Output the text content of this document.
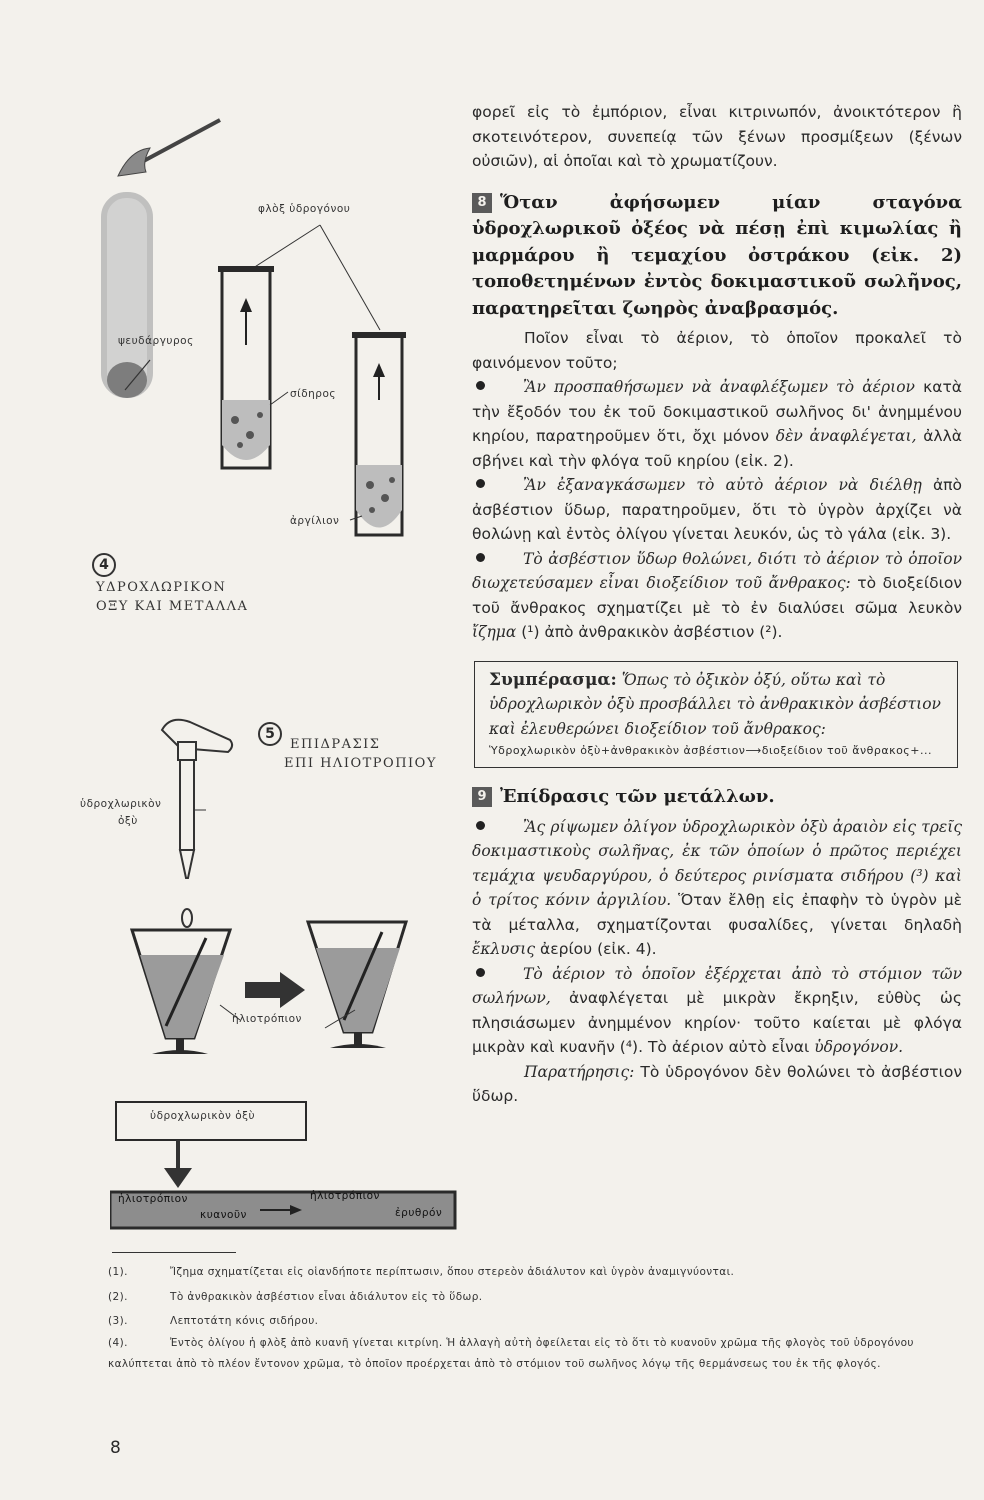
φλὸξ ὑδρογόνου
ψευδάργυρος
σίδηρος
ἀργίλιον
4
ΥΔΡΟΧΛΩΡΙΚΟΝ
ΟΞΥ ΚΑΙ ΜΕΤΑΛΛΑ
5
ΕΠΙΔΡΑΣΙΣ
ΕΠΙ ΗΛΙΟΤΡΟΠΙΟΥ
ὑδροχλωρικὸν
ὀξὺ
ἡλιοτρόπιον
ὑδροχλωρικὸν ὀξὺ
ἡλιοτρόπιον
κυανοῦν
ἡλιοτρόπιον
ἐρυθρόν

φορεῖ εἰς τὸ ἐμπόριον, εἶναι κιτρινωπόν, ἀνοικτότερον ἢ σκοτεινότερον, συνεπείᾳ τῶν ξένων προσμίξεων (ξένων οὐσιῶν), αἱ ὁποῖαι καὶ τὸ χρωματίζουν.

8 Ὅταν ἀφήσωμεν μίαν σταγόνα ὑδροχλωρικοῦ ὀξέος νὰ πέσῃ ἐπὶ κιμωλίας ἢ μαρμάρου ἢ τεμαχίου ὀστράκου (εἰκ. 2) τοποθετημένων ἐντὸς δοκιμαστικοῦ σωλῆνος, παρατηρεῖται ζωηρὸς ἀναβρασμός.

Ποῖον εἶναι τὸ ἀέριον, τὸ ὁποῖον προκαλεῖ τὸ φαινόμενον τοῦτο;

Ἂν προσπαθήσωμεν νὰ ἀναφλέξωμεν τὸ ἀέριον κατὰ τὴν ἔξοδόν του ἐκ τοῦ δοκιμαστικοῦ σωλῆνος δι' ἀνημμένου κηρίου, παρατηροῦμεν ὅτι, ὄχι μόνον δὲν ἀναφλέγεται, ἀλλὰ σβήνει καὶ τὴν φλόγα τοῦ κηρίου (εἰκ. 2).

Ἂν ἐξαναγκάσωμεν τὸ αὐτὸ ἀέριον νὰ διέλθῃ ἀπὸ ἀσβέστιον ὕδωρ, παρατηροῦμεν, ὅτι τὸ ὑγρὸν ἀρχίζει νὰ θολώνῃ καὶ ἐντὸς ὀλίγου γίνεται λευκόν, ὡς τὸ γάλα (εἰκ. 3).

Τὸ ἀσβέστιον ὕδωρ θολώνει, διότι τὸ ἀέριον τὸ ὁποῖον διωχετεύσαμεν εἶναι διοξείδιον τοῦ ἄνθρακος: τὸ διοξείδιον τοῦ ἄνθρακος σχηματίζει μὲ τὸ ἐν διαλύσει σῶμα λευκὸν ἴζημα (¹) ἀπὸ ἀνθρακικὸν ἀσβέστιον (²).

Συμπέρασμα: Ὅπως τὸ ὀξικὸν ὀξύ, οὕτω καὶ τὸ ὑδροχλωρικὸν ὀξὺ προσβάλλει τὸ ἀνθρακικὸν ἀσβέστιον καὶ ἐλευθερώνει διοξείδιον τοῦ ἄνθρακος:
Ὑδροχλωρικὸν ὀξὺ+ἀνθρακικὸν ἀσβέστιον⟶διοξείδιον τοῦ ἄνθρακος+...

9 Ἐπίδρασις τῶν μετάλλων.

Ἂς ρίψωμεν ὀλίγον ὑδροχλωρικὸν ὀξὺ ἀραιὸν εἰς τρεῖς δοκιμαστικοὺς σωλῆνας, ἐκ τῶν ὁποίων ὁ πρῶτος περιέχει τεμάχια ψευδαργύρου, ὁ δεύτερος ρινίσματα σιδήρου (³) καὶ ὁ τρίτος κόνιν ἀργιλίου. Ὅταν ἔλθῃ εἰς ἐπαφὴν τὸ ὑγρὸν μὲ τὰ μέταλλα, σχηματίζονται φυσαλίδες, γίνεται δηλαδὴ ἔκλυσις ἀερίου (εἰκ. 4).

Τὸ ἀέριον τὸ ὁποῖον ἐξέρχεται ἀπὸ τὸ στόμιον τῶν σωλήνων, ἀναφλέγεται μὲ μικρὰν ἔκρηξιν, εὐθὺς ὡς πλησιάσωμεν ἀνημμένον κηρίον· τοῦτο καίεται μὲ φλόγα μικρὰν καὶ κυανῆν (⁴). Τὸ ἀέριον αὐτὸ εἶναι ὑδρογόνον.

Παρατήρησις: Τὸ ὑδρογόνον δὲν θολώνει τὸ ἀσβέστιον ὕδωρ.

(1).	Ἴζημα σχηματίζεται εἰς οἱανδήποτε περίπτωσιν, ὅπου στερεὸν ἀδιάλυτον καὶ ὑγρὸν ἀναμιγνύονται.
(2).	Τὸ ἀνθρακικὸν ἀσβέστιον εἶναι ἀδιάλυτον εἰς τὸ ὕδωρ.
(3).	Λεπτοτάτη κόνις σιδήρου.
(4).	Ἐντὸς ὀλίγου ἡ φλὸξ ἀπὸ κυανῆ γίνεται κιτρίνη. Ἡ ἀλλαγὴ αὐτὴ ὀφείλεται εἰς τὸ ὅτι τὸ κυανοῦν χρῶμα τῆς φλογὸς τοῦ ὑδρογόνου καλύπτεται ἀπὸ τὸ πλέον ἔντονον χρῶμα, τὸ ὁποῖον προέρχεται ἀπὸ τὸ στόμιον τοῦ σωλῆνος λόγῳ τῆς θερμάνσεως του ἐκ τῆς φλογός.
8
